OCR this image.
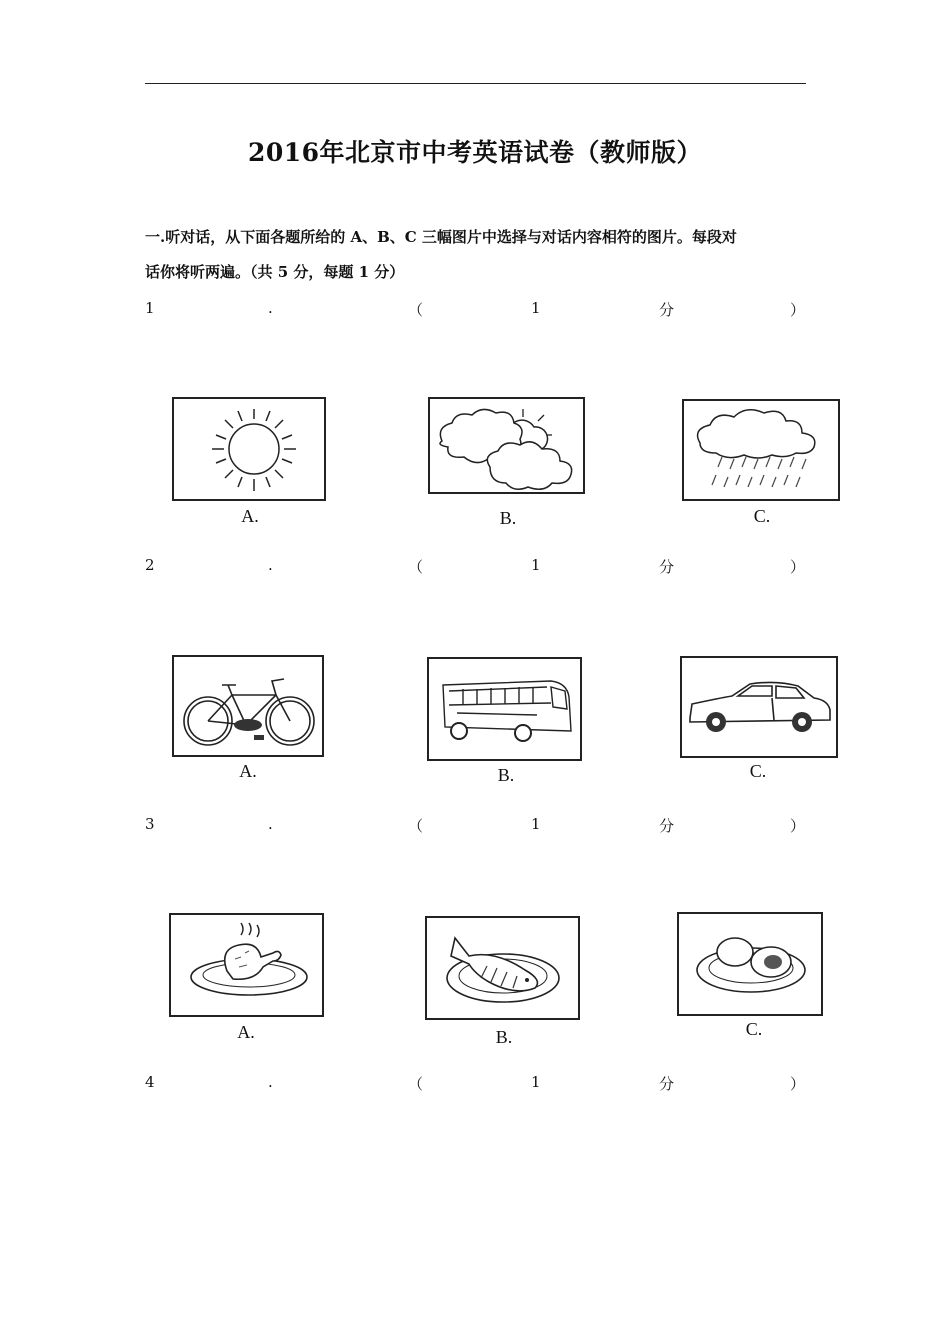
2016年北京市中考英语试卷（教师版）
一.听对话，从下面各题所给的 A、B、C 三幅图片中选择与对话内容相符的图片。每段对
话你将听两遍。（共 5 分，每题 1 分）
1	.	（	1	分	）
A.	B.	C.
2	.	（	1	分	）
A.	B.	C.
3	.	（	1	分	）
A.	B.	C.
4	.	（	1	分	）
